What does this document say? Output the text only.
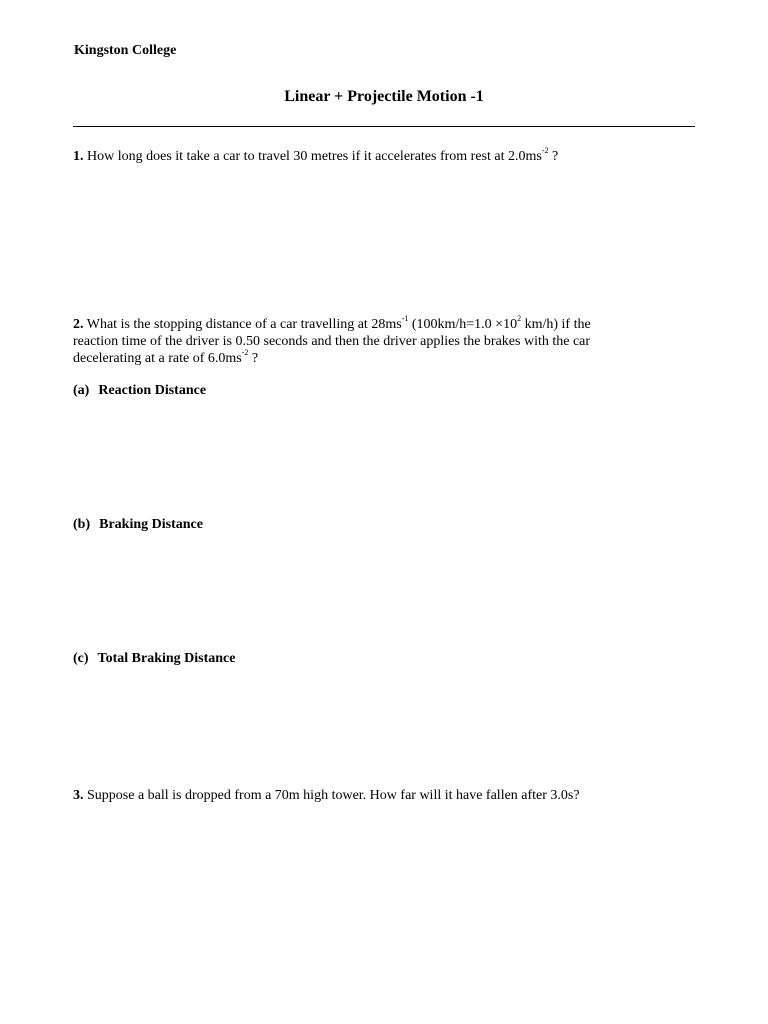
Kingston College
Linear + Projectile Motion -1
1. How long does it take a car to travel 30 metres if it accelerates from rest at $2.0ms^{-2}$ ?
2. What is the stopping distance of a car travelling at $28ms^{-1}$ ($100km/h=1.0 \times 10^2$ km/h) if the
reaction time of the driver is 0.50 seconds and then the driver applies the brakes with the car
decelerating at a rate of $6.0ms^{-2}$ ?
(a) Reaction Distance
(b) Braking Distance
(c) Total Braking Distance
3. Suppose a ball is dropped from a 70m high tower. How far will it have fallen after 3.0s?
